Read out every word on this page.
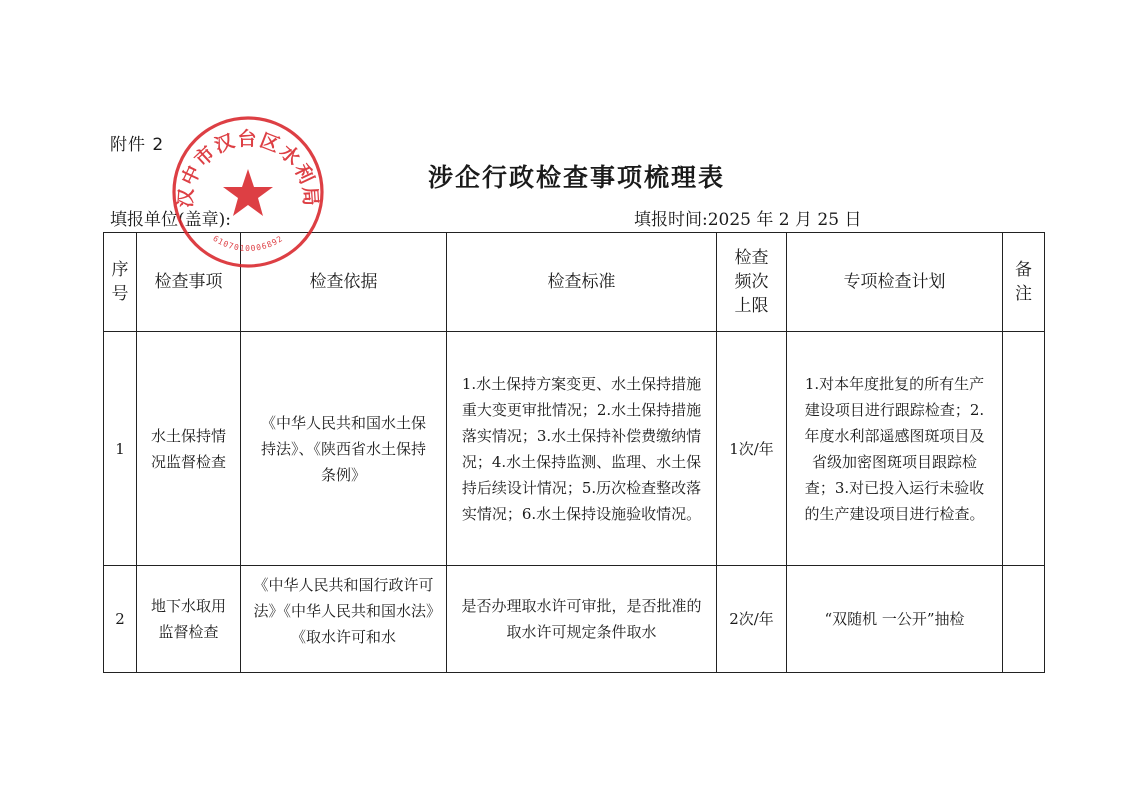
附件 2
涉企行政检查事项梳理表
填报单位(盖章):	填报时间:2025 年 2 月 25 日
序号	检查事项	检查依据	检查标准	检查频次上限	专项检查计划	备注
1	水土保持情况监督检查	《中华人民共和国水土保持法》、《陕西省水土保持条例》	1.水土保持方案变更、水土保持措施重大变更审批情况；2.水土保持措施落实情况；3.水土保持补偿费缴纳情况；4.水土保持监测、监理、水土保持后续设计情况；5.历次检查整改落实情况；6.水土保持设施验收情况。	1次/年	1.对本年度批复的所有生产建设项目进行跟踪检查；2.年度水利部遥感图斑项目及省级加密图斑项目跟踪检查；3.对已投入运行未验收的生产建设项目进行检查。	
2	地下水取用监督检查	《中华人民共和国行政许可法》《中华人民共和国水法》《取水许可和水	是否办理取水许可审批，是否批准的取水许可规定条件取水	2次/年	“双随机 一公开”抽检	
汉中市汉台区水利局
6107010006892
